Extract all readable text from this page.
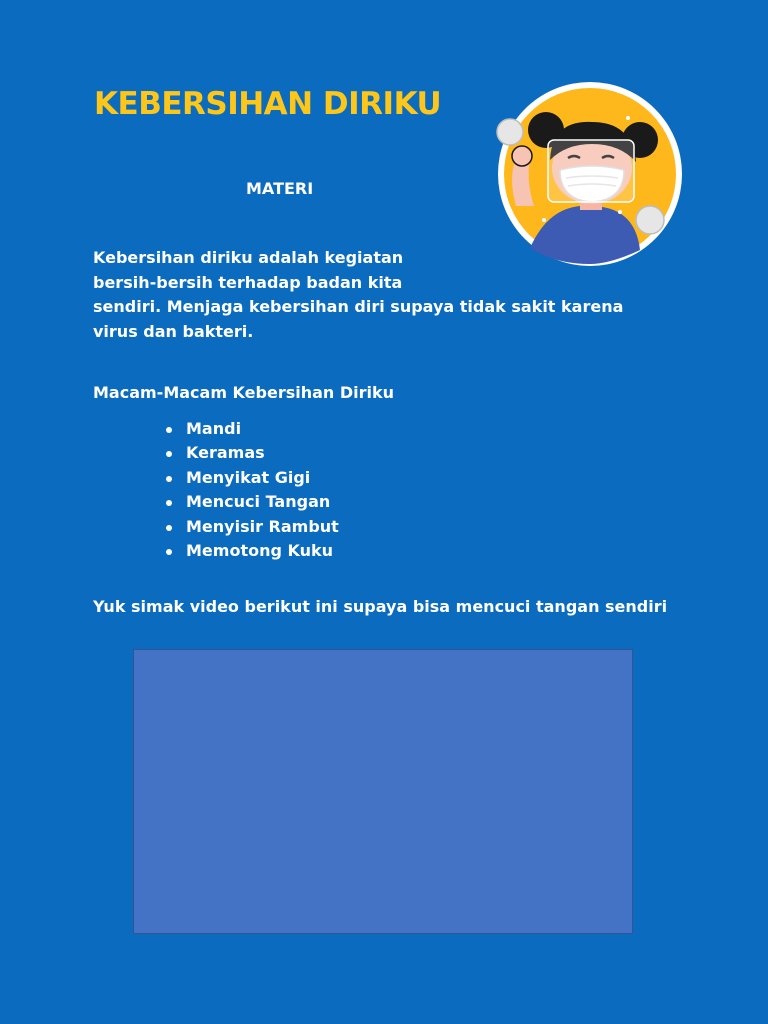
KEBERSIHAN DIRIKU

MATERI

Kebersihan diriku adalah kegiatan
bersih-bersih terhadap badan kita
sendiri. Menjaga kebersihan diri supaya tidak sakit karena
virus dan bakteri.

Macam-Macam Kebersihan Diriku

Mandi
Keramas
Menyikat Gigi
Mencuci Tangan
Menyisir Rambut
Memotong Kuku

Yuk simak video berikut ini supaya bisa mencuci tangan sendiri
